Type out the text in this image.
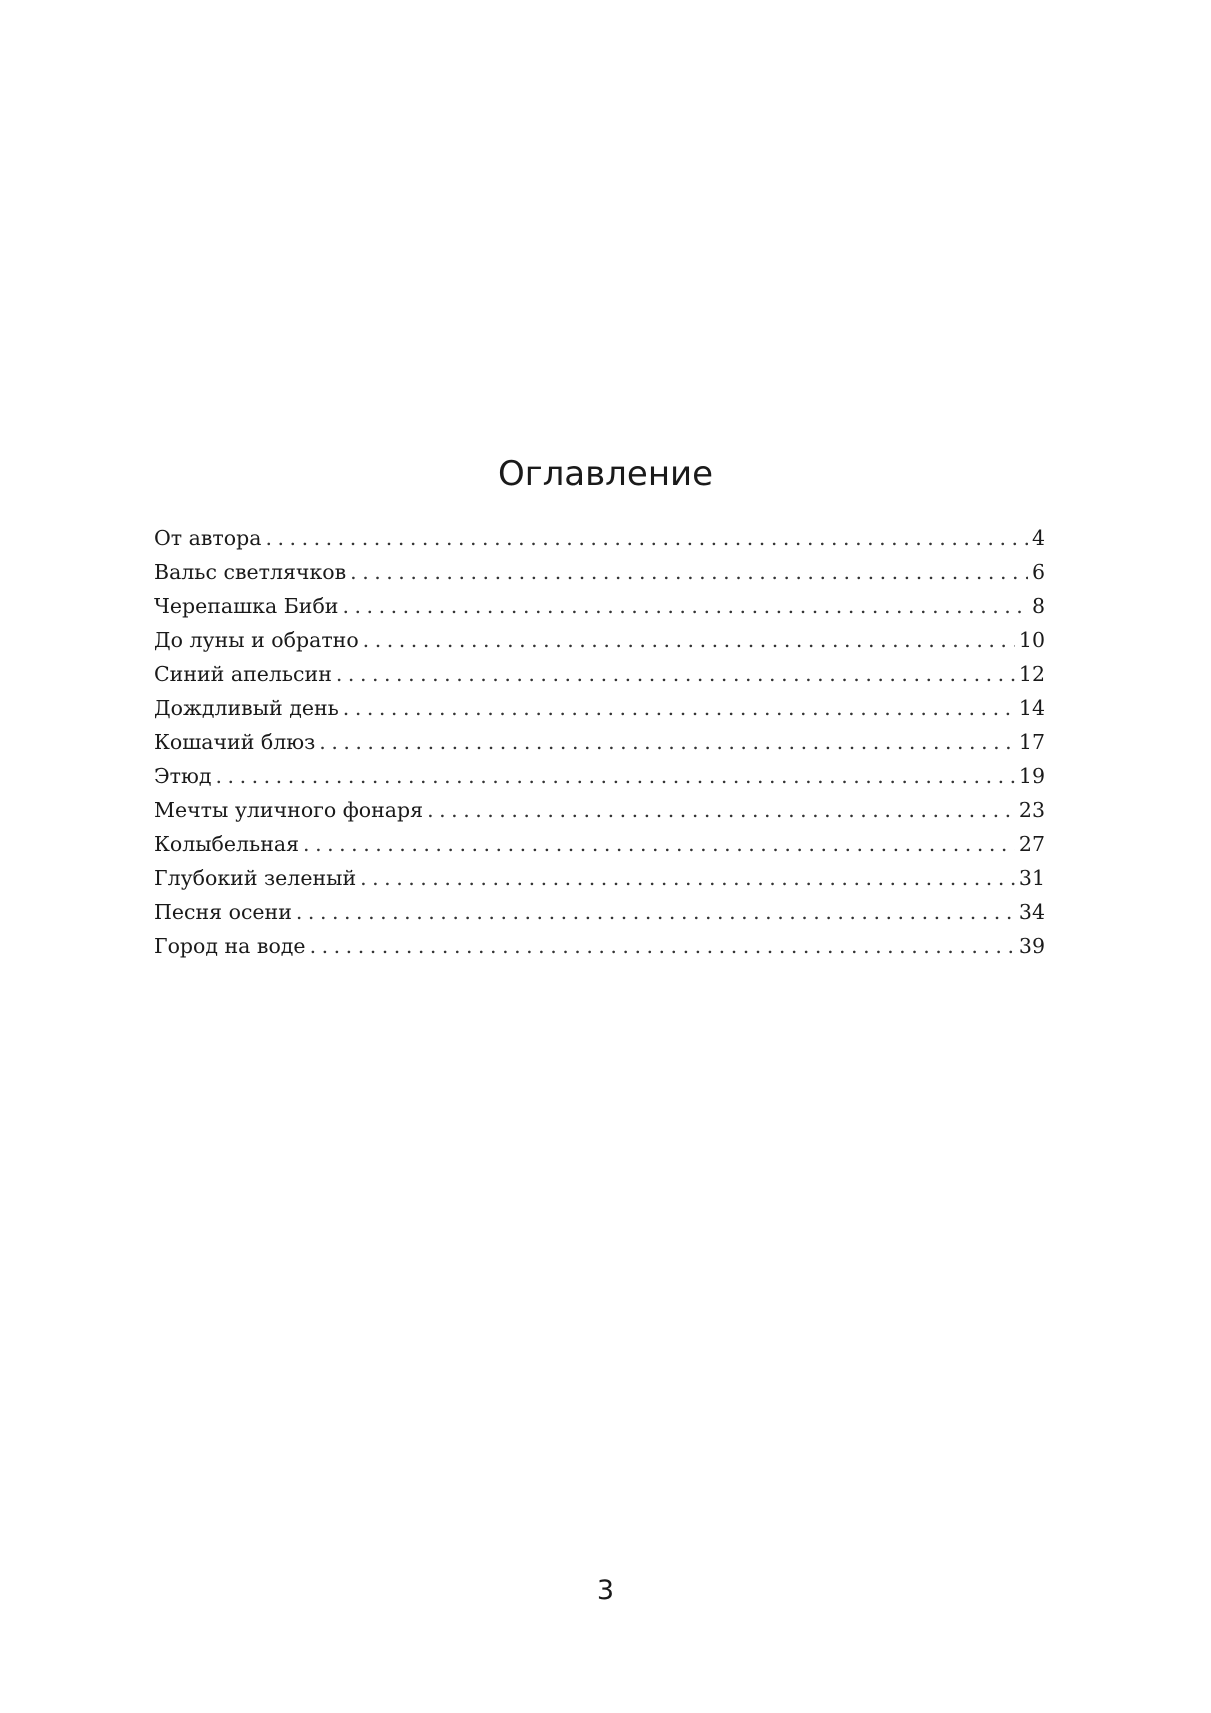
Оглавление
От автора . . .	4
Вальс светлячков . . .	6
Черепашка Биби . . .	8
До луны и обратно . . .	10
Синий апельсин . . .	12
Дождливый день . . .	14
Кошачий блюз . . .	17
Этюд . . .	19
Мечты уличного фонаря . . .	23
Колыбельная . . .	27
Глубокий зеленый . . .	31
Песня осени . . .	34
Город на воде . . .	39
3
